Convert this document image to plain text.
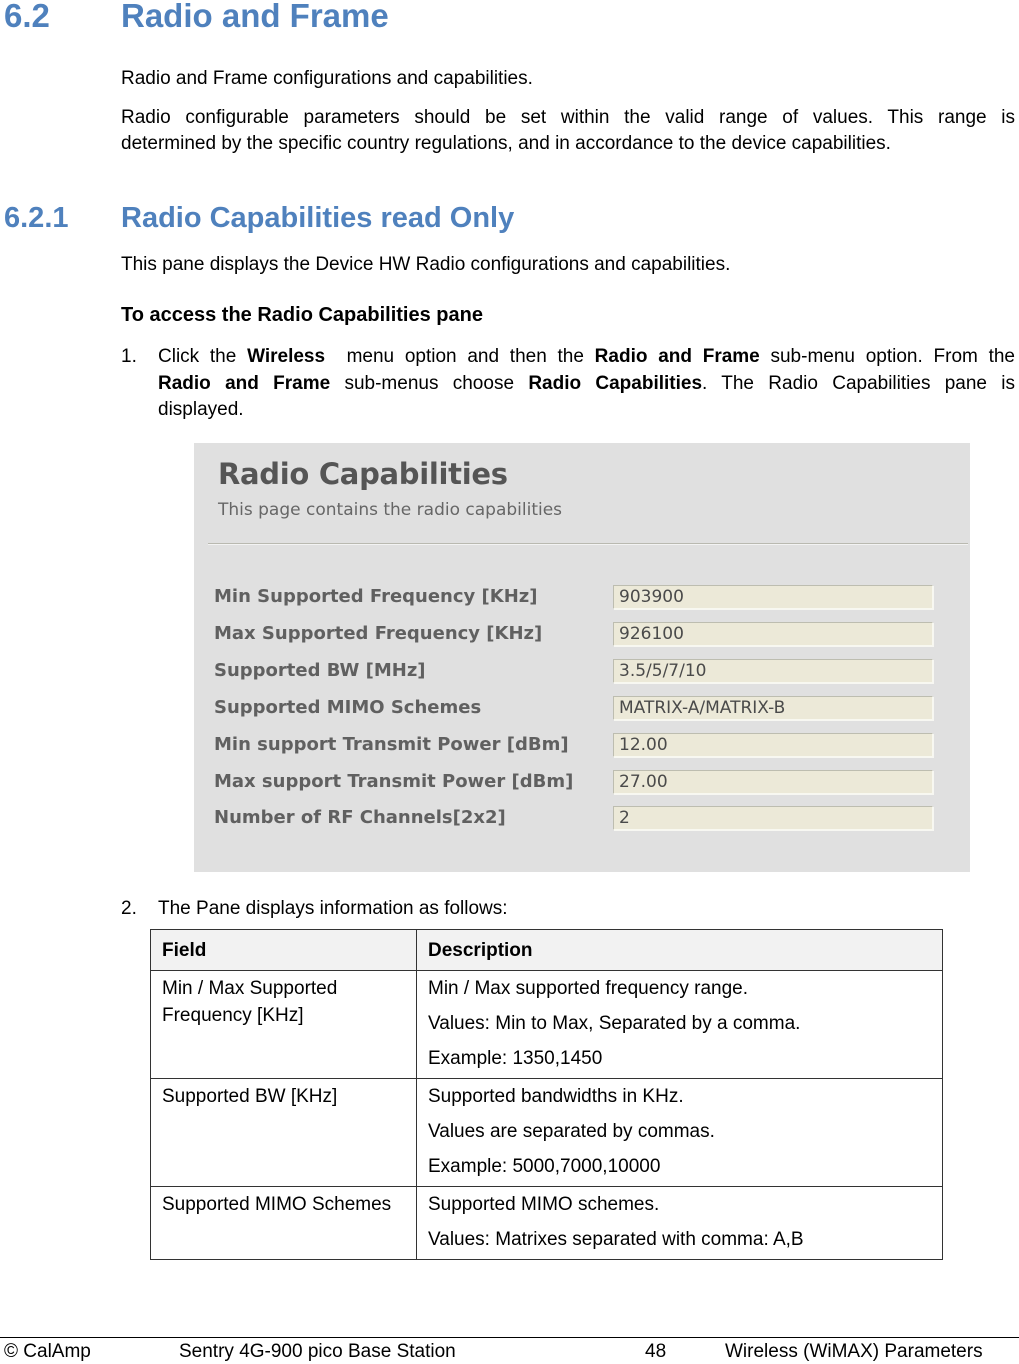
6.2 Radio and Frame
Radio and Frame configurations and capabilities.
Radio configurable parameters should be set within the valid range of values. This range is
determined by the specific country regulations, and in accordance to the device capabilities.
6.2.1 Radio Capabilities read Only
This pane displays the Device HW Radio configurations and capabilities.
To access the Radio Capabilities pane
1. Click the Wireless  menu option and then the Radio and Frame sub-menu option. From the
Radio and Frame sub-menus choose Radio Capabilities. The Radio Capabilities pane is
displayed.
Radio Capabilities
This page contains the radio capabilities
Min Supported Frequency [KHz]	903900
Max Supported Frequency [KHz]	926100
Supported BW [MHz]	3.5/5/7/10
Supported MIMO Schemes	MATRIX-A/MATRIX-B
Min support Transmit Power [dBm]	12.00
Max support Transmit Power [dBm]	27.00
Number of RF Channels[2x2]	2
2. The Pane displays information as follows:
Field	Description
Min / Max Supported Frequency [KHz]	Min / Max supported frequency range.
Values: Min to Max, Separated by a comma.
Example: 1350,1450

Supported BW [KHz]	Supported bandwidths in KHz.
Values are separated by commas.
Example: 5000,7000,10000

Supported MIMO Schemes	Supported MIMO schemes.
Values: Matrixes separated with comma: A,B
© CalAmp	Sentry 4G-900 pico Base Station	48	Wireless (WiMAX) Parameters
